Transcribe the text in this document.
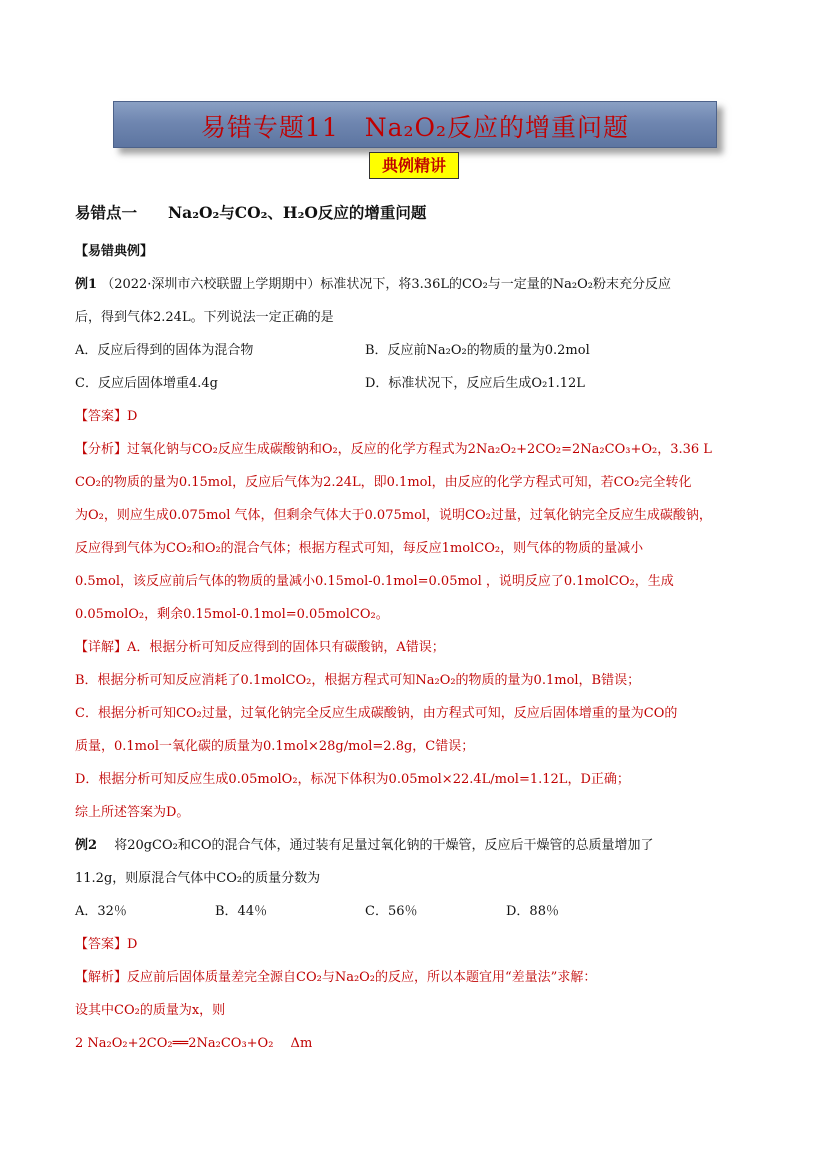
易错专题11　Na₂O₂反应的增重问题
典例精讲
易错点一　　Na₂O₂与CO₂、H₂O反应的增重问题
【易错典例】
例1 （2022·深圳市六校联盟上学期期中）标准状况下，将3.36L的CO₂与一定量的Na₂O₂粉末充分反应
后，得到气体2.24L。下列说法一定正确的是
A．反应后得到的固体为混合物	B．反应前Na₂O₂的物质的量为0.2mol
C．反应后固体增重4.4g	D．标准状况下，反应后生成O₂1.12L
【答案】D
【分析】过氧化钠与CO₂反应生成碳酸钠和O₂，反应的化学方程式为2Na₂O₂+2CO₂=2Na₂CO₃+O₂，3.36 L
CO₂的物质的量为0.15mol，反应后气体为2.24L，即0.1mol，由反应的化学方程式可知，若CO₂完全转化
为O₂，则应生成0.075mol 气体，但剩余气体大于0.075mol，说明CO₂过量，过氧化钠完全反应生成碳酸钠，
反应得到气体为CO₂和O₂的混合气体；根据方程式可知，每反应1molCO₂，则气体的物质的量减小
0.5mol，该反应前后气体的物质的量减小0.15mol-0.1mol=0.05mol ，说明反应了0.1molCO₂，生成
0.05molO₂，剩余0.15mol-0.1mol=0.05molCO₂。
【详解】A．根据分析可知反应得到的固体只有碳酸钠，A错误；
B．根据分析可知反应消耗了0.1molCO₂，根据方程式可知Na₂O₂的物质的量为0.1mol，B错误；
C．根据分析可知CO₂过量，过氧化钠完全反应生成碳酸钠，由方程式可知，反应后固体增重的量为CO的
质量，0.1mol一氧化碳的质量为0.1mol×28g/mol=2.8g，C错误；
D．根据分析可知反应生成0.05molO₂，标况下体积为0.05mol×22.4L/mol=1.12L，D正确；
综上所述答案为D。
例2 　将20gCO₂和CO的混合气体，通过装有足量过氧化钠的干燥管，反应后干燥管的总质量增加了
11.2g，则原混合气体中CO₂的质量分数为
A．32％	B．44％	C．56％	D．88％
【答案】D
【解析】反应前后固体质量差完全源自CO₂与Na₂O₂的反应，所以本题宜用“差量法”求解：
设其中CO₂的质量为x，则
2 Na₂O₂+2CO₂══2Na₂CO₃+O₂　 Δm
